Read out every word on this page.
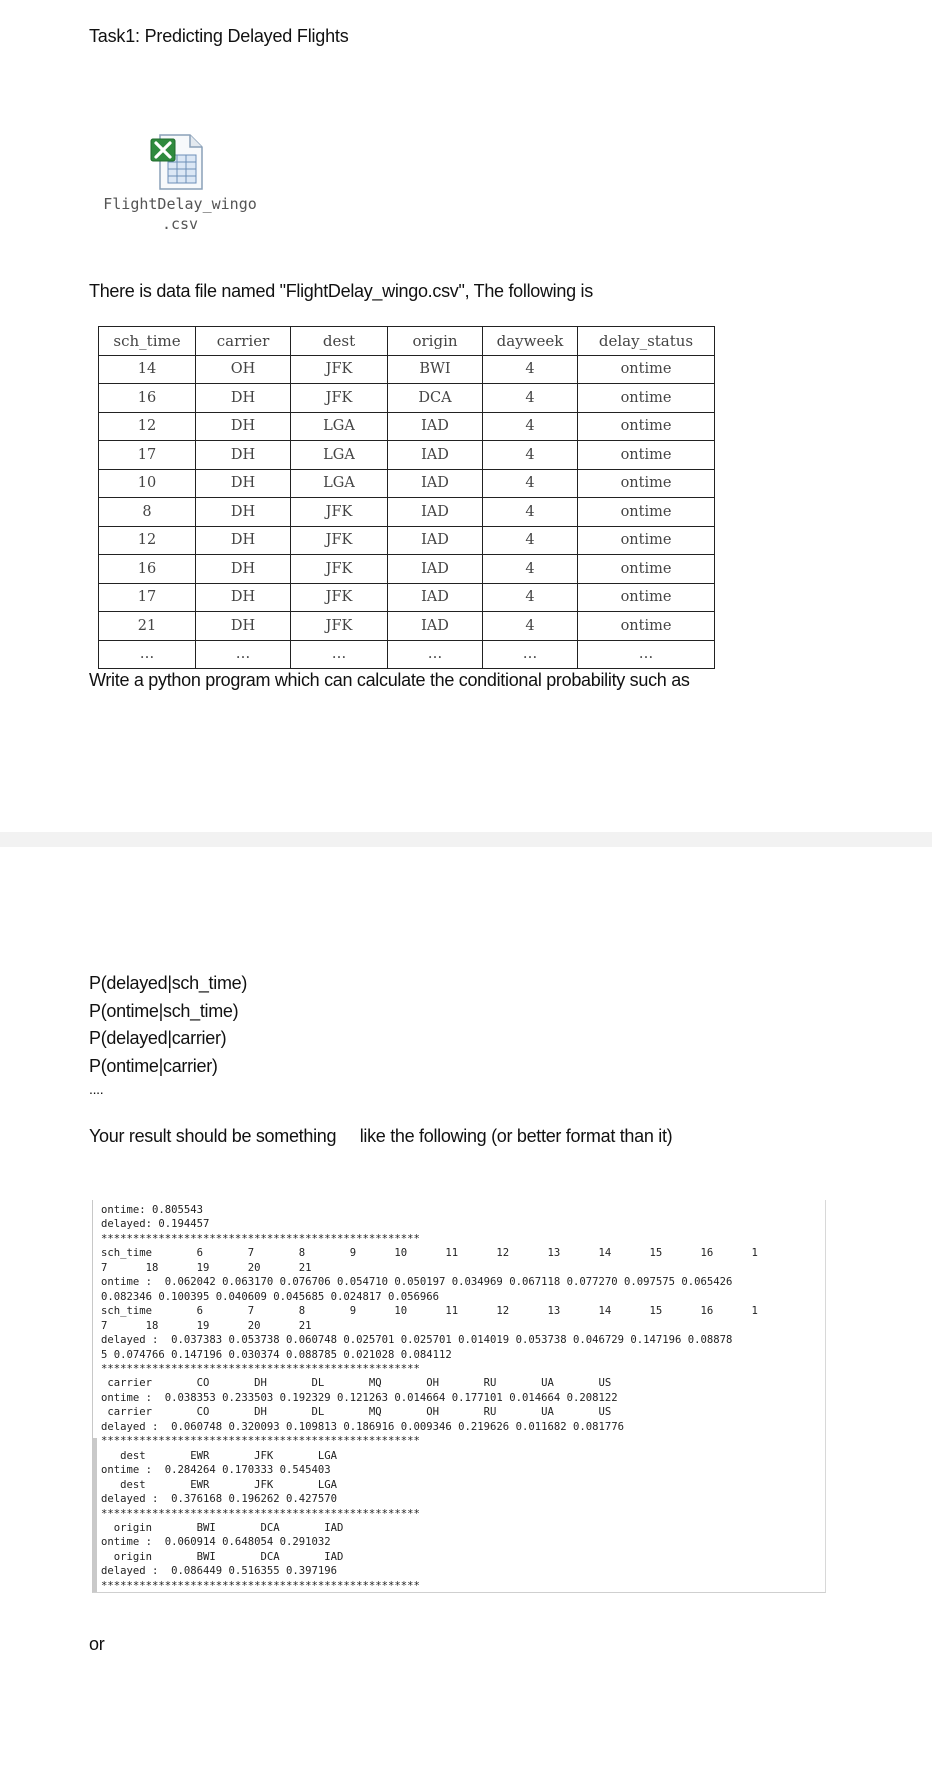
Task1: Predicting Delayed Flights
FlightDelay_wingo
.csv
There is data file named "FlightDelay_wingo.csv", The following is
sch_time	carrier	dest	origin	dayweek	delay_status
14	OH	JFK	BWI	4	ontime
16	DH	JFK	DCA	4	ontime
12	DH	LGA	IAD	4	ontime
17	DH	LGA	IAD	4	ontime
10	DH	LGA	IAD	4	ontime
8	DH	JFK	IAD	4	ontime
12	DH	JFK	IAD	4	ontime
16	DH	JFK	IAD	4	ontime
17	DH	JFK	IAD	4	ontime
21	DH	JFK	IAD	4	ontime
…	…	…	…	…	…
Write a python program which can calculate the conditional probability such as
P(delayed|sch_time)
P(ontime|sch_time)
P(delayed|carrier)
P(ontime|carrier)
....
Your result should be something     like the following (or better format than it)
ontime: 0.805543
delayed: 0.194457
**************************************************
sch_time       6       7       8       9      10      11      12      13      14      15      16      1
7      18      19      20      21
ontime :  0.062042 0.063170 0.076706 0.054710 0.050197 0.034969 0.067118 0.077270 0.097575 0.065426
0.082346 0.100395 0.040609 0.045685 0.024817 0.056966
sch_time       6       7       8       9      10      11      12      13      14      15      16      1
7      18      19      20      21
delayed :  0.037383 0.053738 0.060748 0.025701 0.025701 0.014019 0.053738 0.046729 0.147196 0.08878
5 0.074766 0.147196 0.030374 0.088785 0.021028 0.084112
**************************************************
carrier       CO       DH       DL       MQ       OH       RU       UA       US
ontime :  0.038353 0.233503 0.192329 0.121263 0.014664 0.177101 0.014664 0.208122
carrier       CO       DH       DL       MQ       OH       RU       UA       US
delayed :  0.060748 0.320093 0.109813 0.186916 0.009346 0.219626 0.011682 0.081776
**************************************************
dest       EWR       JFK       LGA
ontime :  0.284264 0.170333 0.545403
dest       EWR       JFK       LGA
delayed :  0.376168 0.196262 0.427570
**************************************************
origin       BWI       DCA       IAD
ontime :  0.060914 0.648054 0.291032
origin       BWI       DCA       IAD
delayed :  0.086449 0.516355 0.397196
**************************************************
or
